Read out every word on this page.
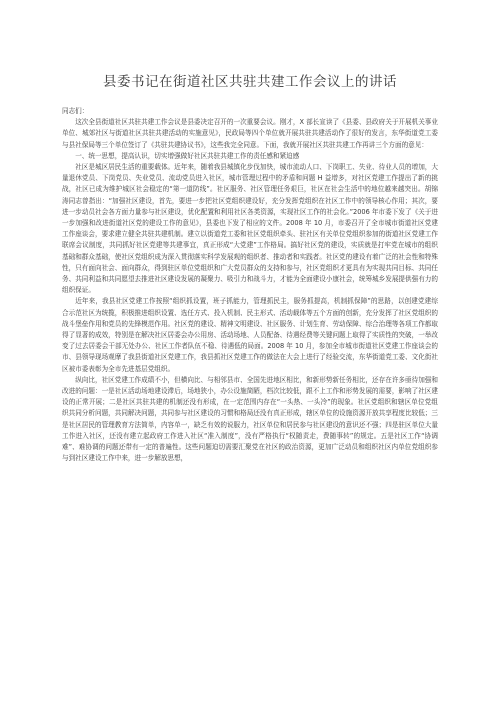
县委书记在街道社区共驻共建工作会议上的讲话

同志们：

这次全县街道社区共驻共建工作会议是县委决定召开的一次重要会议。刚才，X 部长宣读了《县委、县政府关于开展机关事业单位、城郊社区与街道社区共驻共建活动的实施意见》，民政局等四个单位就开展共驻共建活动作了很好的发言，东华街道党工委与县社保局等三个单位签订了《共驻共建协议书》，这些我完全同意。下面，我就开展社区共驻共建工作再讲三个方面的意见：

一、统一思想，提高认识，切实增强做好社区共驻共建工作的责任感和紧迫感

社区是城区居民生活的重要载体。近年来，随着我县城镇化步伐加快，城市流动人口、下岗职工、失业、待业人员的增加，大量退休党员、下岗党员、失业党员、流动党员进入社区，城市管理过程中的矛盾和问题 H 益增多，对社区党建工作提出了新的挑战，社区已成为维护城区社会稳定的“第一道防线”。社区服务、社区管理任务艰巨，社区在社会生活中的地位越来越突出。胡锦涛同志曾指出：“加强社区建设，首先，要进一步把社区党组织建设好，充分发挥党组织在社区工作中的领导核心作用；其次，要进一步动员社会各方面力量参与社区建设，优化配置和利用社区各类资源，实现社区工作的社会化。”2006 年市委下发了《关于进一步加强和改进街道社区党的建设工作的意见》，县委也下发了相应的文件。2008 年 10 月，市委召开了全市城市街道社区党建工作座谈会，要求建立健全共驻共建机制。建立以街道党工委和社区党组织牵头、驻社区有关单位党组织参加的街道社区党建工作联席会议制度，共同抓好社区党建等共建事宜，真正形成“大党建”工作格局。搞好社区党的建设，实质就是打牢党在城市的组织基础和群众基础，使社区党组织成为深入贯彻落实科学发展观的组织者、推动者和实践者。社区党的建设有着广泛的社会性和特殊性，只有面向社会、面向群众，得到驻区单位党组织和广大党员群众的支持和参与，社区党组织才更具有为实现共同目标、共同任务、共同利益和共同愿望去推进社区建设发展的凝聚力、吸引力和战斗力，才能为全面建设小康社会，统筹城乡发展提供强有力的组织保证。

近年来，我县社区党建工作按照“组织抓设置，班子抓能力，管理抓民主，服务抓提高，机制抓保障”的思路，以创建党建综合示范社区为统揽，积极推进组织设置、选任方式、投入机制、民主形式、活动载体等五个方面的创新，充分发挥了社区党组织的战斗堡垒作用和党员的先锋模范作用。社区党的建设、精神文明建设、社区服务、计划生育、劳动保障、综合治理等各项工作都取得了显著的成效，特别是在解决社区居委会办公用房、活动场地、人员配备、待遇经费等关键问题上取得了实质性的突破，一举改变了过去居委会干部无处办公、社区工作者队伍不稳、待遇低的局面。2008 年 10 月，参加全市城市街道社区党建工作座谈会的市、县领导现场观摩了我县街道社区党建工作，我县抓社区党建工作的做法在大会上进行了经验交流，东华街道党工委、文化街社区被市委表彰为全市先进基层党组织。

纵向比，社区党建工作成绩不小，但横向比、与相邻县市、全国先进地区相比，和新形势新任务相比，还存在许多亟待加强和改进的问题：一是社区活动场地建设滞后，场地狭小，办公设施简陋，档次比较低，跟不上工作和形势发展的需要，影响了社区建设的正常开展；二是社区共驻共建的机制还没有形成，在一定范围内存在“一头热、一头冷”的现象。社区党组织和辖区单位党组织共同分析问题，共同解决问题，共同参与社区建设的习惯和格局还没有真正形成，辖区单位的设施资源开放共享程度比较低；三是社区居民的管理教育方法简单，内容单一，缺乏有效的说服力，社区单位和居民参与社区建设的意识还不强；四是驻区单位大量工作进入社区，还没有建立起政府工作进入社区“准入制度”，没有严格执行“权随责走，费随事转”的规定。五是社区工作“协调难”、难协调的问题还带有一定的普遍性。这些问题迫切需要汇聚党在社区的政治资源，更加广泛动员和组织社区内单位党组织参与到社区建设工作中来，进一步解放思想，
